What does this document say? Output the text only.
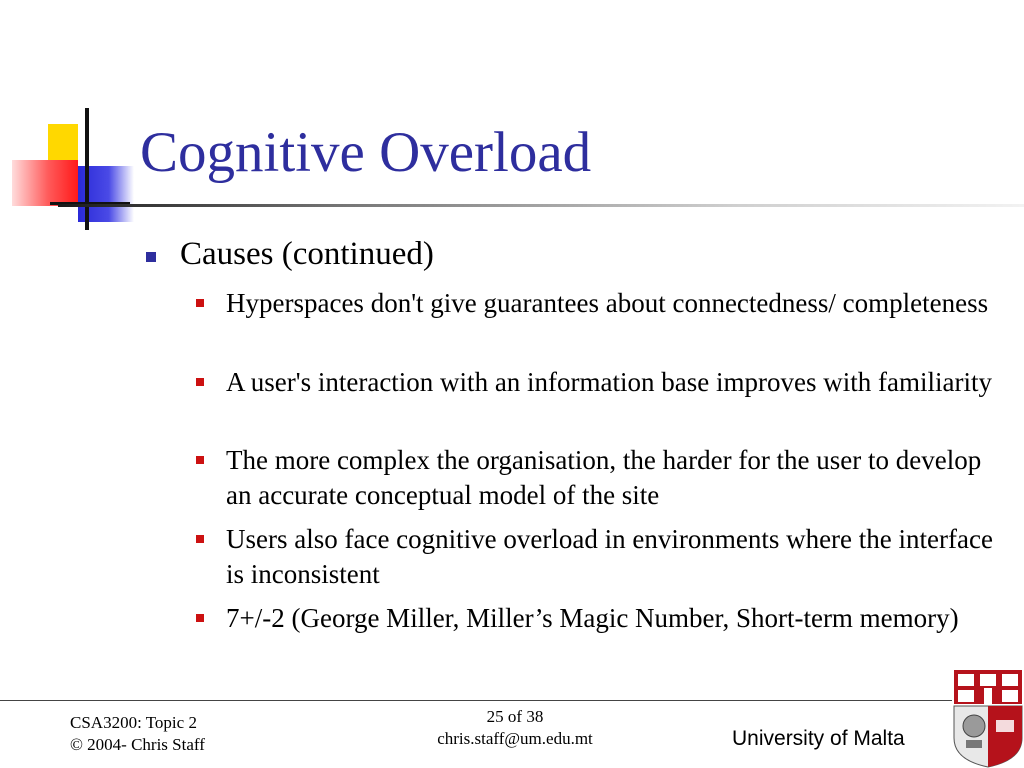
Cognitive Overload
Causes (continued)
Hyperspaces don't give guarantees about connectedness/ completeness
A user's interaction with an information base improves with familiarity
The more complex the organisation, the harder for the user to develop an accurate conceptual model of the site
Users also face cognitive overload in environments where the interface is inconsistent
7+/-2 (George Miller, Miller’s Magic Number, Short-term memory)
CSA3200: Topic 2
© 2004- Chris Staff
25 of 38
chris.staff@um.edu.mt	University of Malta
